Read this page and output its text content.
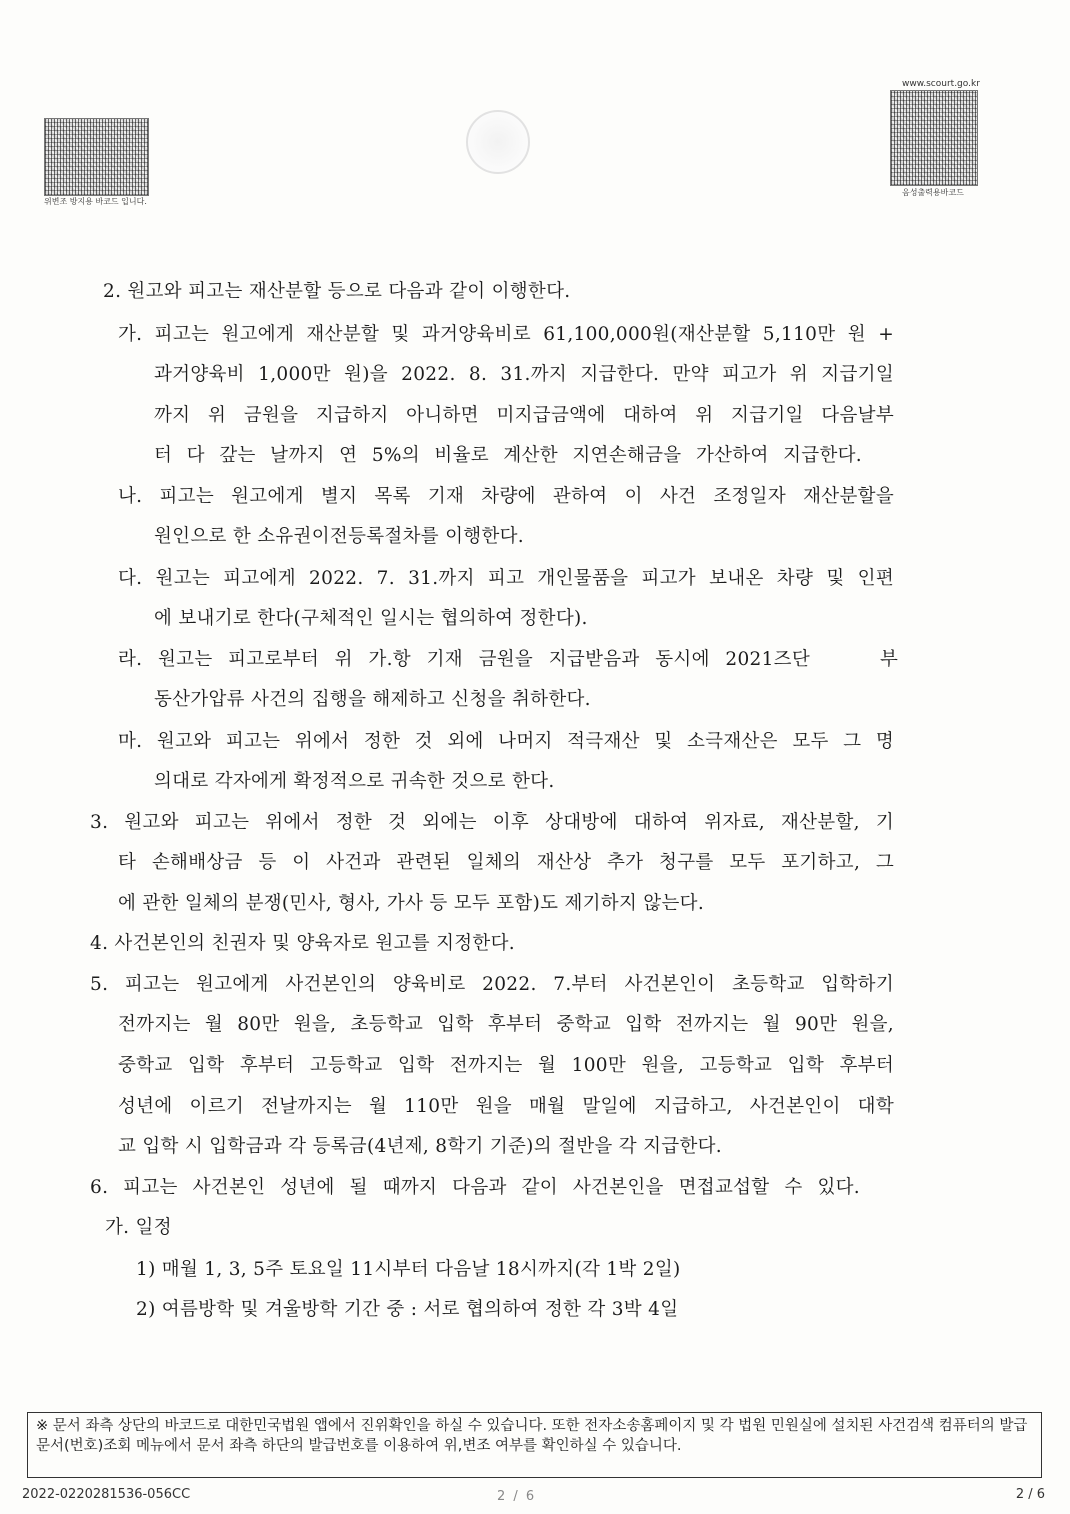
위변조 방지용 바코드 입니다.
www.scourt.go.kr
음성출력용바코드
2. 원고와 피고는 재산분할 등으로 다음과 같이 이행한다.
가. 피고는 원고에게 재산분할 및 과거양육비로 61,100,000원(재산분할 5,110만 원 +
과거양육비 1,000만 원)을 2022. 8. 31.까지 지급한다. 만약 피고가 위 지급기일
까지 위 금원을 지급하지 아니하면 미지급금액에 대하여 위 지급기일 다음날부
터 다 갚는 날까지 연 5%의 비율로 계산한 지연손해금을 가산하여 지급한다.
나. 피고는 원고에게 별지 목록 기재 차량에 관하여 이 사건 조정일자 재산분할을
원인으로 한 소유권이전등록절차를 이행한다.
다. 원고는 피고에게 2022. 7. 31.까지 피고 개인물품을 피고가 보내온 차량 및 인편
에 보내기로 한다(구체적인 일시는 협의하여 정한다).
라. 원고는 피고로부터 위 가.항 기재 금원을 지급받음과 동시에 2021즈단	부
동산가압류 사건의 집행을 해제하고 신청을 취하한다.
마. 원고와 피고는 위에서 정한 것 외에 나머지 적극재산 및 소극재산은 모두 그 명
의대로 각자에게 확정적으로 귀속한 것으로 한다.
3. 원고와 피고는 위에서 정한 것 외에는 이후 상대방에 대하여 위자료, 재산분할, 기
타 손해배상금 등 이 사건과 관련된 일체의 재산상 추가 청구를 모두 포기하고, 그
에 관한 일체의 분쟁(민사, 형사, 가사 등 모두 포함)도 제기하지 않는다.
4. 사건본인의 친권자 및 양육자로 원고를 지정한다.
5. 피고는 원고에게 사건본인의 양육비로 2022. 7.부터 사건본인이 초등학교 입학하기
전까지는 월 80만 원을, 초등학교 입학 후부터 중학교 입학 전까지는 월 90만 원을,
중학교 입학 후부터 고등학교 입학 전까지는 월 100만 원을, 고등학교 입학 후부터
성년에 이르기 전날까지는 월 110만 원을 매월 말일에 지급하고, 사건본인이 대학
교 입학 시 입학금과 각 등록금(4년제, 8학기 기준)의 절반을 각 지급한다.
6. 피고는 사건본인 성년에 될 때까지 다음과 같이 사건본인을 면접교섭할 수 있다.
가. 일정
1) 매월 1, 3, 5주 토요일 11시부터 다음날 18시까지(각 1박 2일)
2) 여름방학 및 겨울방학 기간 중 : 서로 협의하여 정한 각 3박 4일
※ 문서 좌측 상단의 바코드로 대한민국법원 앱에서 진위확인을 하실 수 있습니다. 또한 전자소송홈페이지 및 각 법원 민원실에 설치된 사건검색 컴퓨터의 발급문서(번호)조회 메뉴에서 문서 좌측 하단의 발급번호를 이용하여 위,변조 여부를 확인하실 수 있습니다.
2022-0220281536-056CC	2 / 6	2 / 6
